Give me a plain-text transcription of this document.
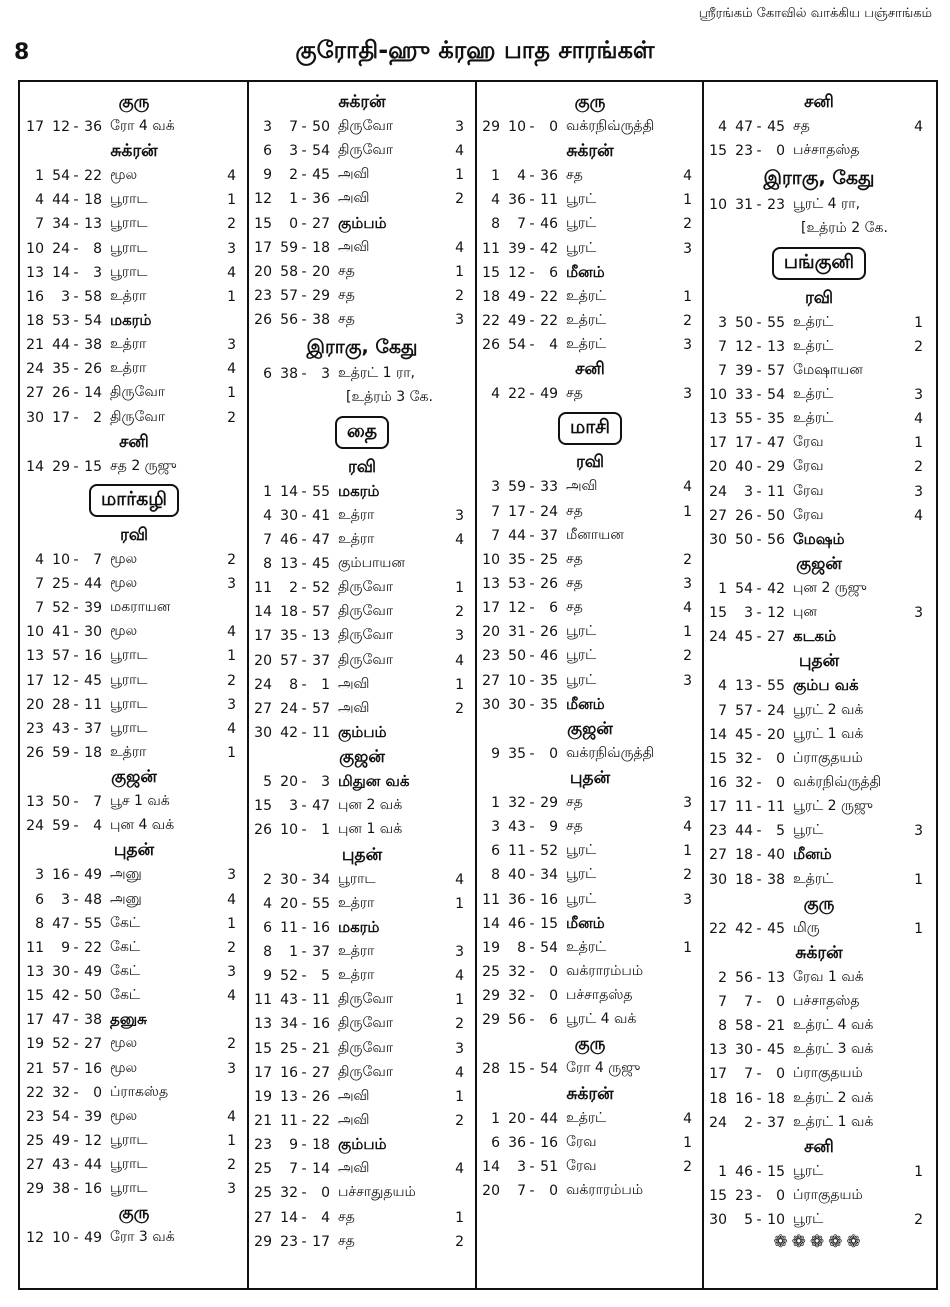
8
ஸ்ரீரங்கம் கோவில் வாக்கிய பஞ்சாங்கம்
குரோதி-ஹு க்ரஹ பாத சாரங்கள்
குரு
17 12 - 36 ரோ 4 வக்
சுக்ரன்
1 54 - 22 மூல	4
4 44 - 18 பூராட	1
7 34 - 13 பூராட	2
10 24 -	8 பூராட	3
13 14 -	3 பூராட	4
16	3 - 58 உத்ரா	1
18 53 - 54 மகரம்
21 44 - 38 உத்ரா	3
24 35 - 26 உத்ரா	4
27 26 - 14 திருவோ	1
30 17 -	2 திருவோ	2
சனி
14 29 - 15 சத 2 ருஜு
மார்கழி
ரவி
4 10 -	7 மூல	2
7 25 - 44 மூல	3
7 52 - 39 மகராயன
10 41 - 30 மூல	4
13 57 - 16 பூராட	1
17 12 - 45 பூராட	2
20 28 - 11 பூராட	3
23 43 - 37 பூராட	4
26 59 - 18 உத்ரா	1
குஜன்
13 50 -	7 பூச 1 வக்
24 59 -	4 புன 4 வக்
புதன்
3 16 - 49 அனு	3
6	3 - 48 அனு	4
8 47 - 55 கேட்	1
11	9 - 22 கேட்	2
13 30 - 49 கேட்	3
15 42 - 50 கேட்	4
17 47 - 38 தனுசு
19 52 - 27 மூல	2
21 57 - 16 மூல	3
22 32 -	0 ப்ராகஸ்த
23 54 - 39 மூல	4
25 49 - 12 பூராட	1
27 43 - 44 பூராட	2
29 38 - 16 பூராட	3
குரு
12 10 - 49 ரோ 3 வக்
சுக்ரன்
3	7 - 50 திருவோ	3
6	3 - 54 திருவோ	4
9	2 - 45 அவி	1
12	1 - 36 அவி	2
15	0 - 27 கும்பம்
17 59 - 18 அவி	4
20 58 - 20 சத	1
23 57 - 29 சத	2
26 56 - 38 சத	3
இராகு, கேது
6 38 -	3 உத்ரட் 1 ரா,
[உத்ரம் 3 கே.
தை
ரவி
1 14 - 55 மகரம்
4 30 - 41 உத்ரா	3
7 46 - 47 உத்ரா	4
8 13 - 45 கும்பாயன
11	2 - 52 திருவோ	1
14 18 - 57 திருவோ	2
17 35 - 13 திருவோ	3
20 57 - 37 திருவோ	4
24	8 -	1 அவி	1
27 24 - 57 அவி	2
30 42 - 11 கும்பம்
குஜன்
5 20 -	3 மிதுன வக்
15	3 - 47 புன 2 வக்
26 10 -	1 புன 1 வக்
புதன்
2 30 - 34 பூராட	4
4 20 - 55 உத்ரா	1
6 11 - 16 மகரம்
8	1 - 37 உத்ரா	3
9 52 -	5 உத்ரா	4
11 43 - 11 திருவோ	1
13 34 - 16 திருவோ	2
15 25 - 21 திருவோ	3
17 16 - 27 திருவோ	4
19 13 - 26 அவி	1
21 11 - 22 அவி	2
23	9 - 18 கும்பம்
25	7 - 14 அவி	4
25 32 -	0 பச்சாதுதயம்
27 14 -	4 சத	1
29 23 - 17 சத	2
குரு
29 10 -	0 வக்ரநிவ்ருத்தி
சுக்ரன்
1	4 - 36 சத	4
4 36 - 11 பூரட்	1
8	7 - 46 பூரட்	2
11 39 - 42 பூரட்	3
15 12 -	6 மீனம்
18 49 - 22 உத்ரட்	1
22 49 - 22 உத்ரட்	2
26 54 -	4 உத்ரட்	3
சனி
4 22 - 49 சத	3
மாசி
ரவி
3 59 - 33 அவி	4
7 17 - 24 சத	1
7 44 - 37 மீனாயன
10 35 - 25 சத	2
13 53 - 26 சத	3
17 12 -	6 சத	4
20 31 - 26 பூரட்	1
23 50 - 46 பூரட்	2
27 10 - 35 பூரட்	3
30 30 - 35 மீனம்
குஜன்
9 35 -	0 வக்ரநிவ்ருத்தி
புதன்
1 32 - 29 சத	3
3 43 -	9 சத	4
6 11 - 52 பூரட்	1
8 40 - 34 பூரட்	2
11 36 - 16 பூரட்	3
14 46 - 15 மீனம்
19	8 - 54 உத்ரட்	1
25 32 -	0 வக்ராரம்பம்
29 32 -	0 பச்சாதஸ்த
29 56 -	6 பூரட் 4 வக்
குரு
28 15 - 54 ரோ 4 ருஜு
சுக்ரன்
1 20 - 44 உத்ரட்	4
6 36 - 16 ரேவ	1
14	3 - 51 ரேவ	2
20	7 -	0 வக்ராரம்பம்
சனி
4 47 - 45 சத	4
15 23 -	0 பச்சாதஸ்த
இராகு, கேது
10 31 - 23 பூரட் 4 ரா,
[உத்ரம் 2 கே.
பங்குனி
ரவி
3 50 - 55 உத்ரட்	1
7 12 - 13 உத்ரட்	2
7 39 - 57 மேஷாயன
10 33 - 54 உத்ரட்	3
13 55 - 35 உத்ரட்	4
17 17 - 47 ரேவ	1
20 40 - 29 ரேவ	2
24	3 - 11 ரேவ	3
27 26 - 50 ரேவ	4
30 50 - 56 மேஷம்
குஜன்
1 54 - 42 புன 2 ருஜு
15	3 - 12 புன	3
24 45 - 27 கடகம்
புதன்
4 13 - 55 கும்ப வக்
7 57 - 24 பூரட் 2 வக்
14 45 - 20 பூரட் 1 வக்
15 32 -	0 ப்ராகுதயம்
16 32 -	0 வக்ரநிவ்ருத்தி
17 11 - 11 பூரட் 2 ருஜு
23 44 -	5 பூரட்	3
27 18 - 40 மீனம்
30 18 - 38 உத்ரட்	1
குரு
22 42 - 45 மிரு	1
சுக்ரன்
2 56 - 13 ரேவ 1 வக்
7	7 -	0 பச்சாதஸ்த
8 58 - 21 உத்ரட் 4 வக்
13 30 - 45 உத்ரட் 3 வக்
17	7 -	0 ப்ராகுதயம்
18 16 - 18 உத்ரட் 2 வக்
24	2 - 37 உத்ரட் 1 வக்
சனி
1 46 - 15 பூரட்	1
15 23 -	0 ப்ராகுதயம்
30	5 - 10 பூரட்	2
❁❁❁❁❁
